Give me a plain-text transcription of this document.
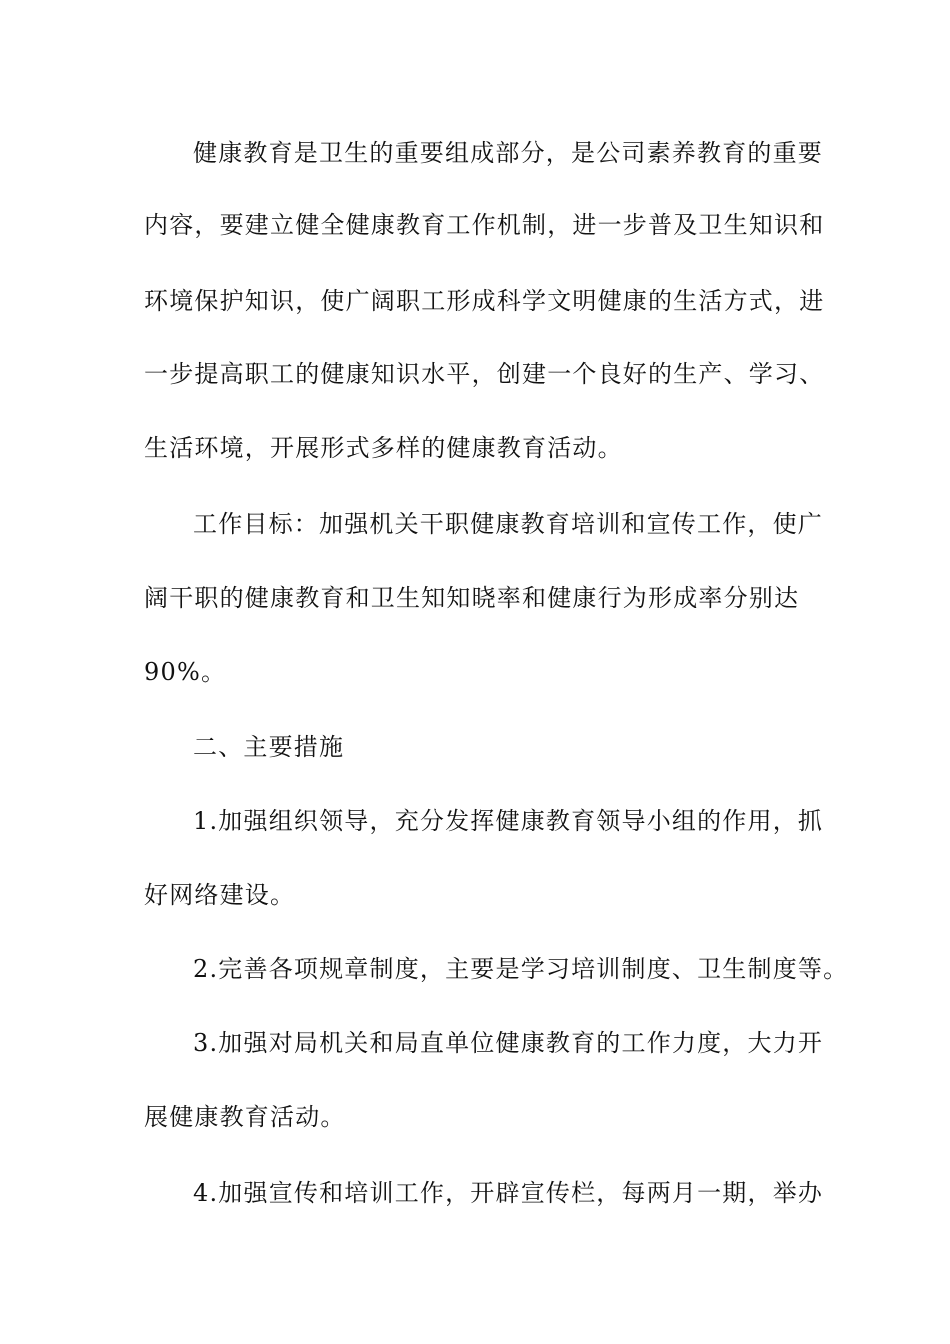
健康教育是卫生的重要组成部分，是公司素养教育的重要
内容，要建立健全健康教育工作机制，进一步普及卫生知识和
环境保护知识，使广阔职工形成科学文明健康的生活方式，进
一步提高职工的健康知识水平，创建一个良好的生产、学习、
生活环境，开展形式多样的健康教育活动。
工作目标：加强机关干职健康教育培训和宣传工作，使广
阔干职的健康教育和卫生知知晓率和健康行为形成率分别达
90%。
二、主要措施
1.加强组织领导，充分发挥健康教育领导小组的作用，抓
好网络建设。
2.完善各项规章制度，主要是学习培训制度、卫生制度等。
3.加强对局机关和局直单位健康教育的工作力度，大力开
展健康教育活动。
4.加强宣传和培训工作，开辟宣传栏，每两月一期，举办
